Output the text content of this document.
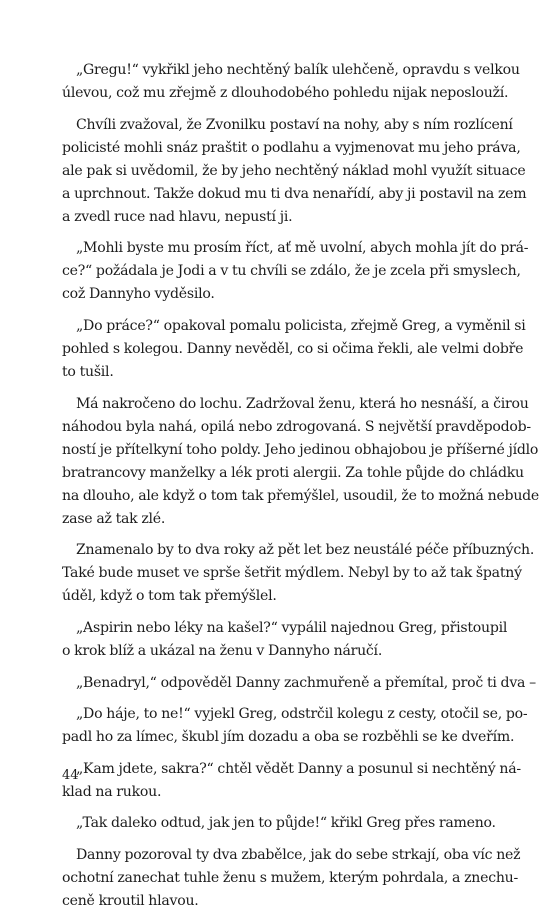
„Gregu!“ vykřikl jeho nechtěný balík ulehčeně, opravdu s velkou
úlevou, což mu zřejmě z dlouhodobého pohledu nijak neposlouží.
Chvíli zvažoval, že Zvonilku postaví na nohy, aby s ním rozlícení
policisté mohli snáz praštit o podlahu a vyjmenovat mu jeho práva,
ale pak si uvědomil, že by jeho nechtěný náklad mohl využít situace
a uprchnout. Takže dokud mu ti dva nenařídí, aby ji postavil na zem
a zvedl ruce nad hlavu, nepustí ji.
„Mohli byste mu prosím říct, ať mě uvolní, abych mohla jít do prá-
ce?“ požádala je Jodi a v tu chvíli se zdálo, že je zcela při smyslech,
což Dannyho vyděsilo.
„Do práce?“ opakoval pomalu policista, zřejmě Greg, a vyměnil si
pohled s kolegou. Danny nevěděl, co si očima řekli, ale velmi dobře
to tušil.
Má nakročeno do lochu. Zadržoval ženu, která ho nesnáší, a čirou
náhodou byla nahá, opilá nebo zdrogovaná. S největší pravděpodob-
ností je přítelkyní toho poldy. Jeho jedinou obhajobou je příšerné jídlo
bratrancovy manželky a lék proti alergii. Za tohle půjde do chládku
na dlouho, ale když o tom tak přemýšlel, usoudil, že to možná nebude
zase až tak zlé.
Znamenalo by to dva roky až pět let bez neustálé péče příbuzných.
Také bude muset ve sprše šetřit mýdlem. Nebyl by to až tak špatný
úděl, když o tom tak přemýšlel.
„Aspirin nebo léky na kašel?“ vypálil najednou Greg, přistoupil
o krok blíž a ukázal na ženu v Dannyho náručí.
„Benadryl,“ odpověděl Danny zachmuřeně a přemítal, proč ti dva –
„Do háje, to ne!“ vyjekl Greg, odstrčil kolegu z cesty, otočil se, po-
padl ho za límec, škubl jím dozadu a oba se rozběhli se ke dveřím.
„Kam jdete, sakra?“ chtěl vědět Danny a posunul si nechtěný ná-
klad na rukou.
„Tak daleko odtud, jak jen to půjde!“ křikl Greg přes rameno.
Danny pozoroval ty dva zbabělce, jak do sebe strkají, oba víc než
ochotní zanechat tuhle ženu s mužem, kterým pohrdala, a znechu-
ceně kroutil hlavou.
44
